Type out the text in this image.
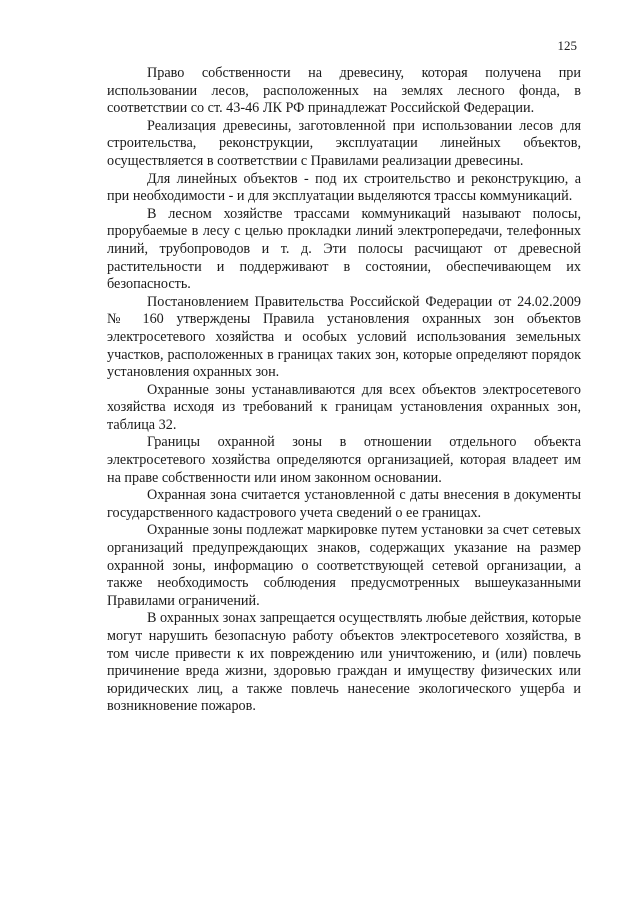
125

Право собственности на древесину, которая получена при использовании лесов, расположенных на землях лесного фонда, в соответствии со ст. 43-46 ЛК РФ принадлежат Российской Федерации.

Реализация древесины, заготовленной при использовании лесов для строительства, реконструкции, эксплуатации линейных объектов, осуществляется в соответствии с Правилами реализации древесины.

Для линейных объектов - под их строительство и реконструкцию, а при необходимости - и для эксплуатации выделяются трассы коммуникаций.

В лесном хозяйстве трассами коммуникаций называют полосы, прорубаемые в лесу с целью прокладки линий электропередачи, телефонных линий, трубопроводов и т. д. Эти полосы расчищают от древесной растительности и поддерживают в состоянии, обеспечивающем их безопасность.

Постановлением Правительства Российской Федерации от 24.02.2009 № 160 утверждены Правила установления охранных зон объектов электросетевого хозяйства и особых условий использования земельных участков, расположенных в границах таких зон, которые определяют порядок установления охранных зон.

Охранные зоны устанавливаются для всех объектов электросетевого хозяйства исходя из требований к границам установления охранных зон, таблица 32.

Границы охранной зоны в отношении отдельного объекта электросетевого хозяйства определяются организацией, которая владеет им на праве собственности или ином законном основании.

Охранная зона считается установленной с даты внесения в документы государственного кадастрового учета сведений о ее границах.

Охранные зоны подлежат маркировке путем установки за счет сетевых организаций предупреждающих знаков, содержащих указание на размер охранной зоны, информацию о соответствующей сетевой организации, а также необходимость соблюдения предусмотренных вышеуказанными Правилами ограничений.

В охранных зонах запрещается осуществлять любые действия, которые могут нарушить безопасную работу объектов электросетевого хозяйства, в том числе привести к их повреждению или уничтожению, и (или) повлечь причинение вреда жизни, здоровью граждан и имуществу физических или юридических лиц, а также повлечь нанесение экологического ущерба и возникновение пожаров.
